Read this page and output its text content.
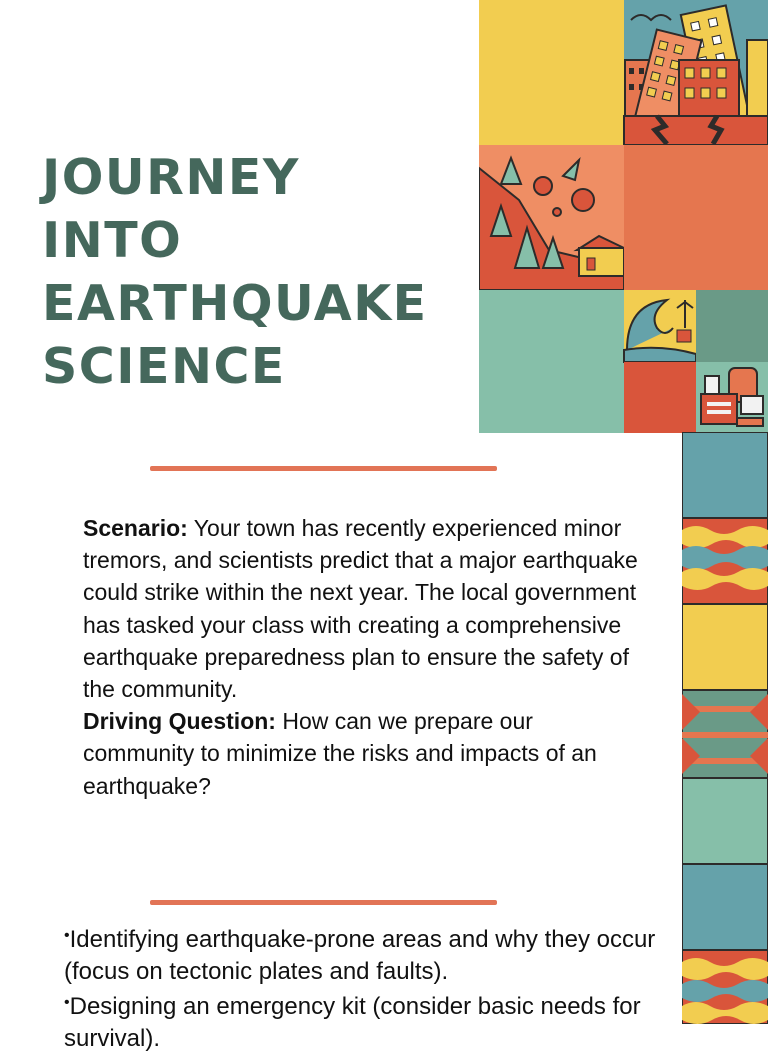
JOURNEY
INTO
EARTHQUAKE
SCIENCE

Scenario: Your town has recently experienced minor tremors, and scientists predict that a major earthquake could strike within the next year. The local government has tasked your class with creating a comprehensive earthquake preparedness plan to ensure the safety of the community.

Driving Question: How can we prepare our community to minimize the risks and impacts of an earthquake?

•Identifying earthquake-prone areas and why they occur (focus on tectonic plates and faults).
•Designing an emergency kit (consider basic needs for survival).
